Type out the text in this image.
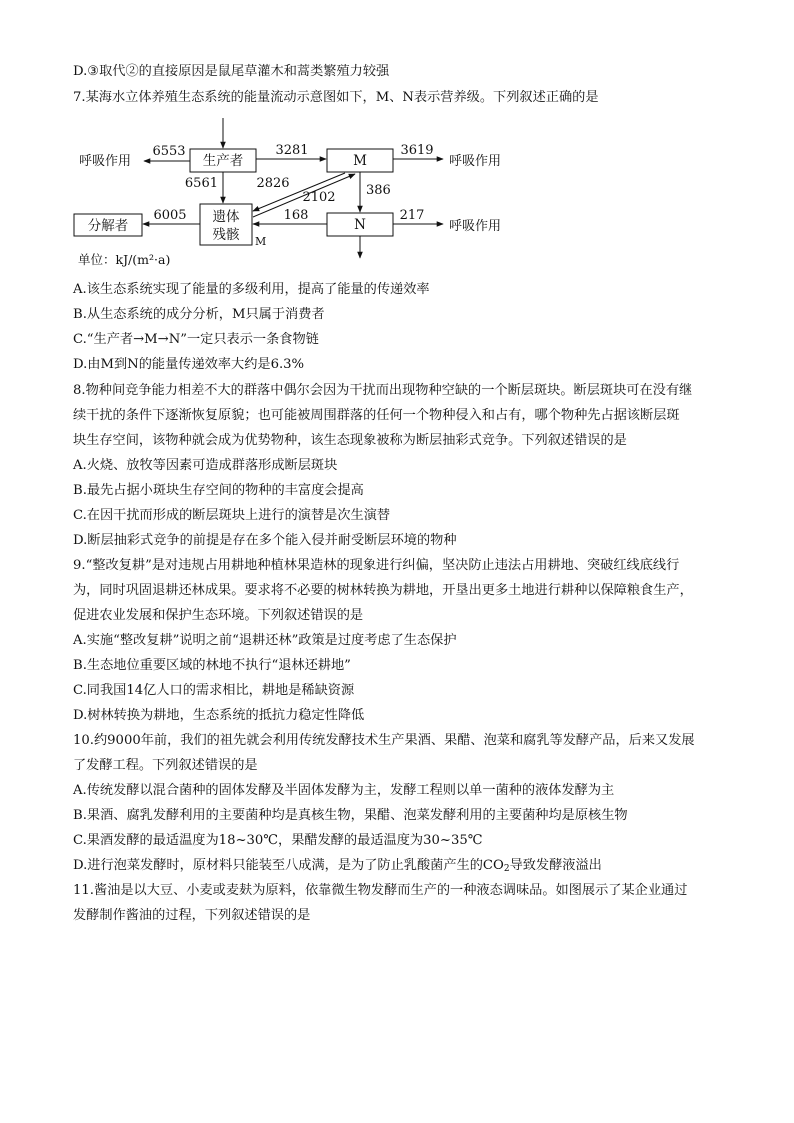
D.③取代②的直接原因是鼠尾草灌木和蒿类繁殖力较强
7.某海水立体养殖生态系统的能量流动示意图如下，M、N表示营养级。下列叙述正确的是
生产者	M
N
分解者
遗体
残骸
呼吸作用
6553	3281	3619
呼吸作用
6561	2826
2102 386
6005	168	217
呼吸作用
M
单位：kJ/(m²·a)
A.该生态系统实现了能量的多级利用，提高了能量的传递效率
B.从生态系统的成分分析，M只属于消费者
C.“生产者→M→N”一定只表示一条食物链
D.由M到N的能量传递效率大约是6.3%
8.物种间竞争能力相差不大的群落中偶尔会因为干扰而出现物种空缺的一个断层斑块。断层斑块可在没有继
续干扰的条件下逐渐恢复原貌；也可能被周围群落的任何一个物种侵入和占有，哪个物种先占据该断层斑
块生存空间，该物种就会成为优势物种，该生态现象被称为断层抽彩式竞争。下列叙述错误的是
A.火烧、放牧等因素可造成群落形成断层斑块
B.最先占据小斑块生存空间的物种的丰富度会提高
C.在因干扰而形成的断层斑块上进行的演替是次生演替
D.断层抽彩式竞争的前提是存在多个能入侵并耐受断层环境的物种
9.“整改复耕”是对违规占用耕地种植林果造林的现象进行纠偏，坚决防止违法占用耕地、突破红线底线行
为，同时巩固退耕还林成果。要求将不必要的树林转换为耕地，开垦出更多土地进行耕种以保障粮食生产，
促进农业发展和保护生态环境。下列叙述错误的是
A.实施“整改复耕”说明之前“退耕还林”政策是过度考虑了生态保护
B.生态地位重要区域的林地不执行“退林还耕地”
C.同我国14亿人口的需求相比，耕地是稀缺资源
D.树林转换为耕地，生态系统的抵抗力稳定性降低
10.约9000年前，我们的祖先就会利用传统发酵技术生产果酒、果醋、泡菜和腐乳等发酵产品，后来又发展
了发酵工程。下列叙述错误的是
A.传统发酵以混合菌种的固体发酵及半固体发酵为主，发酵工程则以单一菌种的液体发酵为主
B.果酒、腐乳发酵利用的主要菌种均是真核生物，果醋、泡菜发酵利用的主要菌种均是原核生物
C.果酒发酵的最适温度为18~30℃，果醋发酵的最适温度为30~35℃
D.进行泡菜发酵时，原材料只能装至八成满，是为了防止乳酸菌产生的$CO_2$导致发酵液溢出
11.酱油是以大豆、小麦或麦麸为原料，依靠微生物发酵而生产的一种液态调味品。如图展示了某企业通过
发酵制作酱油的过程，下列叙述错误的是
